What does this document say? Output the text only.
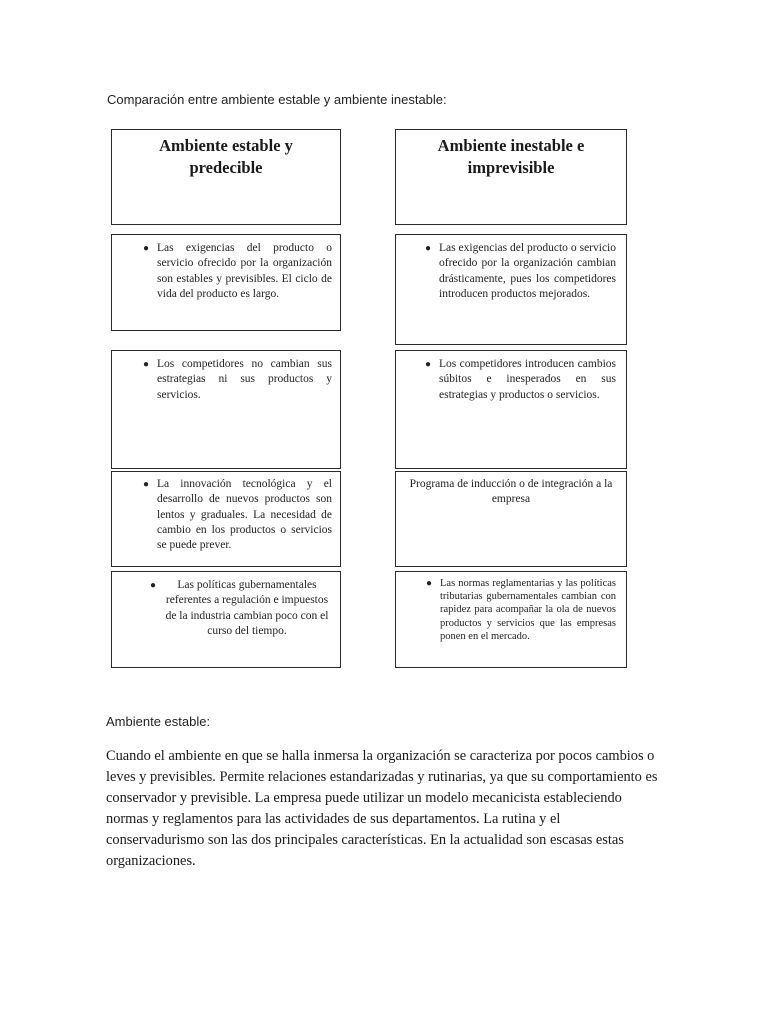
Comparación entre ambiente estable y ambiente inestable:
Ambiente estable y
predecible
Ambiente inestable e
imprevisible
● Las exigencias del producto o servicio ofrecido por la organización son estables y previsibles. El ciclo de vida del producto es largo.
● Las exigencias del producto o servicio ofrecido por la organización cambian drásticamente, pues los competidores introducen productos mejorados.
● Los competidores no cambian sus estrategias ni sus productos y servicios.
● Los competidores introducen cambios súbitos e inesperados en sus estrategias y productos o servicios.
● La innovación tecnológica y el desarrollo de nuevos productos son lentos y graduales. La necesidad de cambio en los productos o servicios se puede prever.
Programa de inducción o de integración a la empresa
●	Las políticas gubernamentales referentes a regulación e impuestos de la industria cambian poco con el curso del tiempo.
● Las normas reglamentarias y las políticas tributarias gubernamentales cambian con rapidez para acompañar la ola de nuevos productos y servicios que las empresas ponen en el mercado.
Ambiente estable:
Cuando el ambiente en que se halla inmersa la organización se caracteriza por pocos cambios o leves y previsibles. Permite relaciones estandarizadas y rutinarias, ya que su comportamiento es conservador y previsible. La empresa puede utilizar un modelo mecanicista estableciendo normas y reglamentos para las actividades de sus departamentos. La rutina y el conservadurismo son las dos principales características. En la actualidad son escasas estas organizaciones.
